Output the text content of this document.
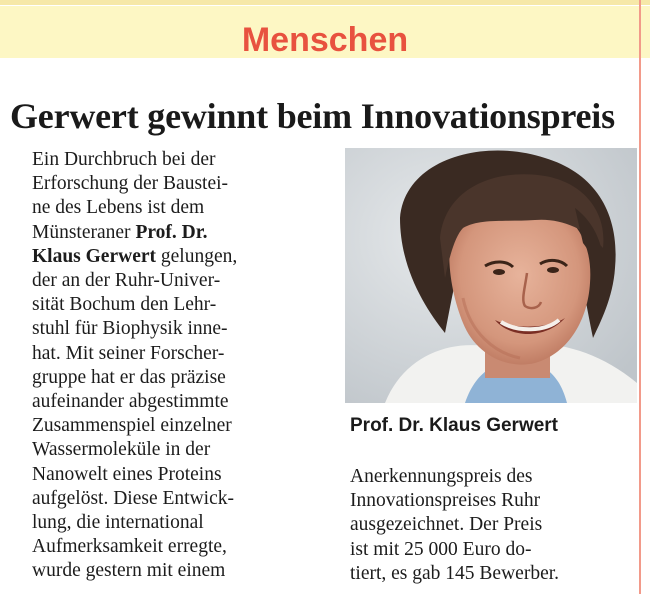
Menschen
Gerwert gewinnt beim Innovationspreis

Ein Durchbruch bei der

Erforschung der Baustei-

ne des Lebens ist dem

Münsteraner Prof. Dr.

Klaus Gerwert gelungen,

der an der Ruhr-Univer-

sität Bochum den Lehr-

stuhl für Biophysik inne-

hat. Mit seiner Forscher-

gruppe hat er das präzise

aufeinander abgestimmte

Zusammenspiel einzelner

Wassermoleküle in der

Nanowelt eines Proteins

aufgelöst. Diese Entwick-

lung, die international

Aufmerksamkeit erregte,

wurde gestern mit einem

Prof. Dr. Klaus Gerwert

Anerkennungspreis des

Innovationspreises Ruhr

ausgezeichnet. Der Preis

ist mit 25 000 Euro do-

tiert, es gab 145 Bewerber.
